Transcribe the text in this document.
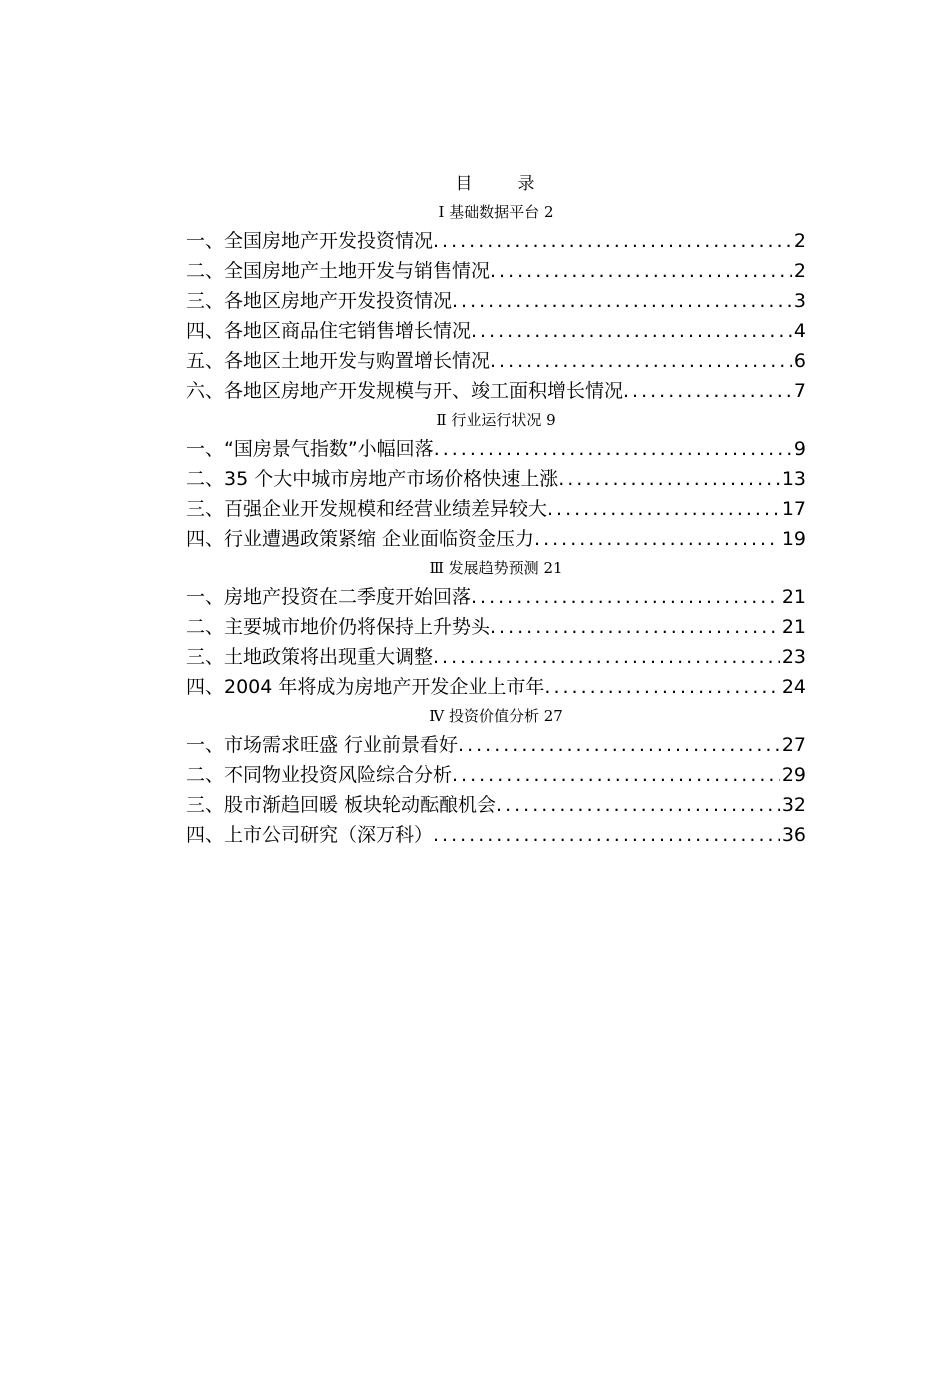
目　录
Ⅰ 基础数据平台 2
一、全国房地产开发投资情况 .....	2
二、全国房地产土地开发与销售情况 .....	2
三、各地区房地产开发投资情况 .....	3
四、各地区商品住宅销售增长情况 .....	4
五、各地区土地开发与购置增长情况 .....	6
六、各地区房地产开发规模与开、竣工面积增长情况 .....	7
Ⅱ 行业运行状况 9
一、“国房景气指数”小幅回落 .....	9
二、35 个大中城市房地产市场价格快速上涨 .....	13
三、百强企业开发规模和经营业绩差异较大 .....	17
四、行业遭遇政策紧缩 企业面临资金压力 .....	19
Ⅲ 发展趋势预测 21
一、房地产投资在二季度开始回落 .....	21
二、主要城市地价仍将保持上升势头 .....	21
三、土地政策将出现重大调整 .....	23
四、2004 年将成为房地产开发企业上市年 .....	24
Ⅳ 投资价值分析 27
一、市场需求旺盛 行业前景看好 .....	27
二、不同物业投资风险综合分析 .....	29
三、股市渐趋回暖 板块轮动酝酿机会 .....	32
四、上市公司研究（深万科） .....	36
